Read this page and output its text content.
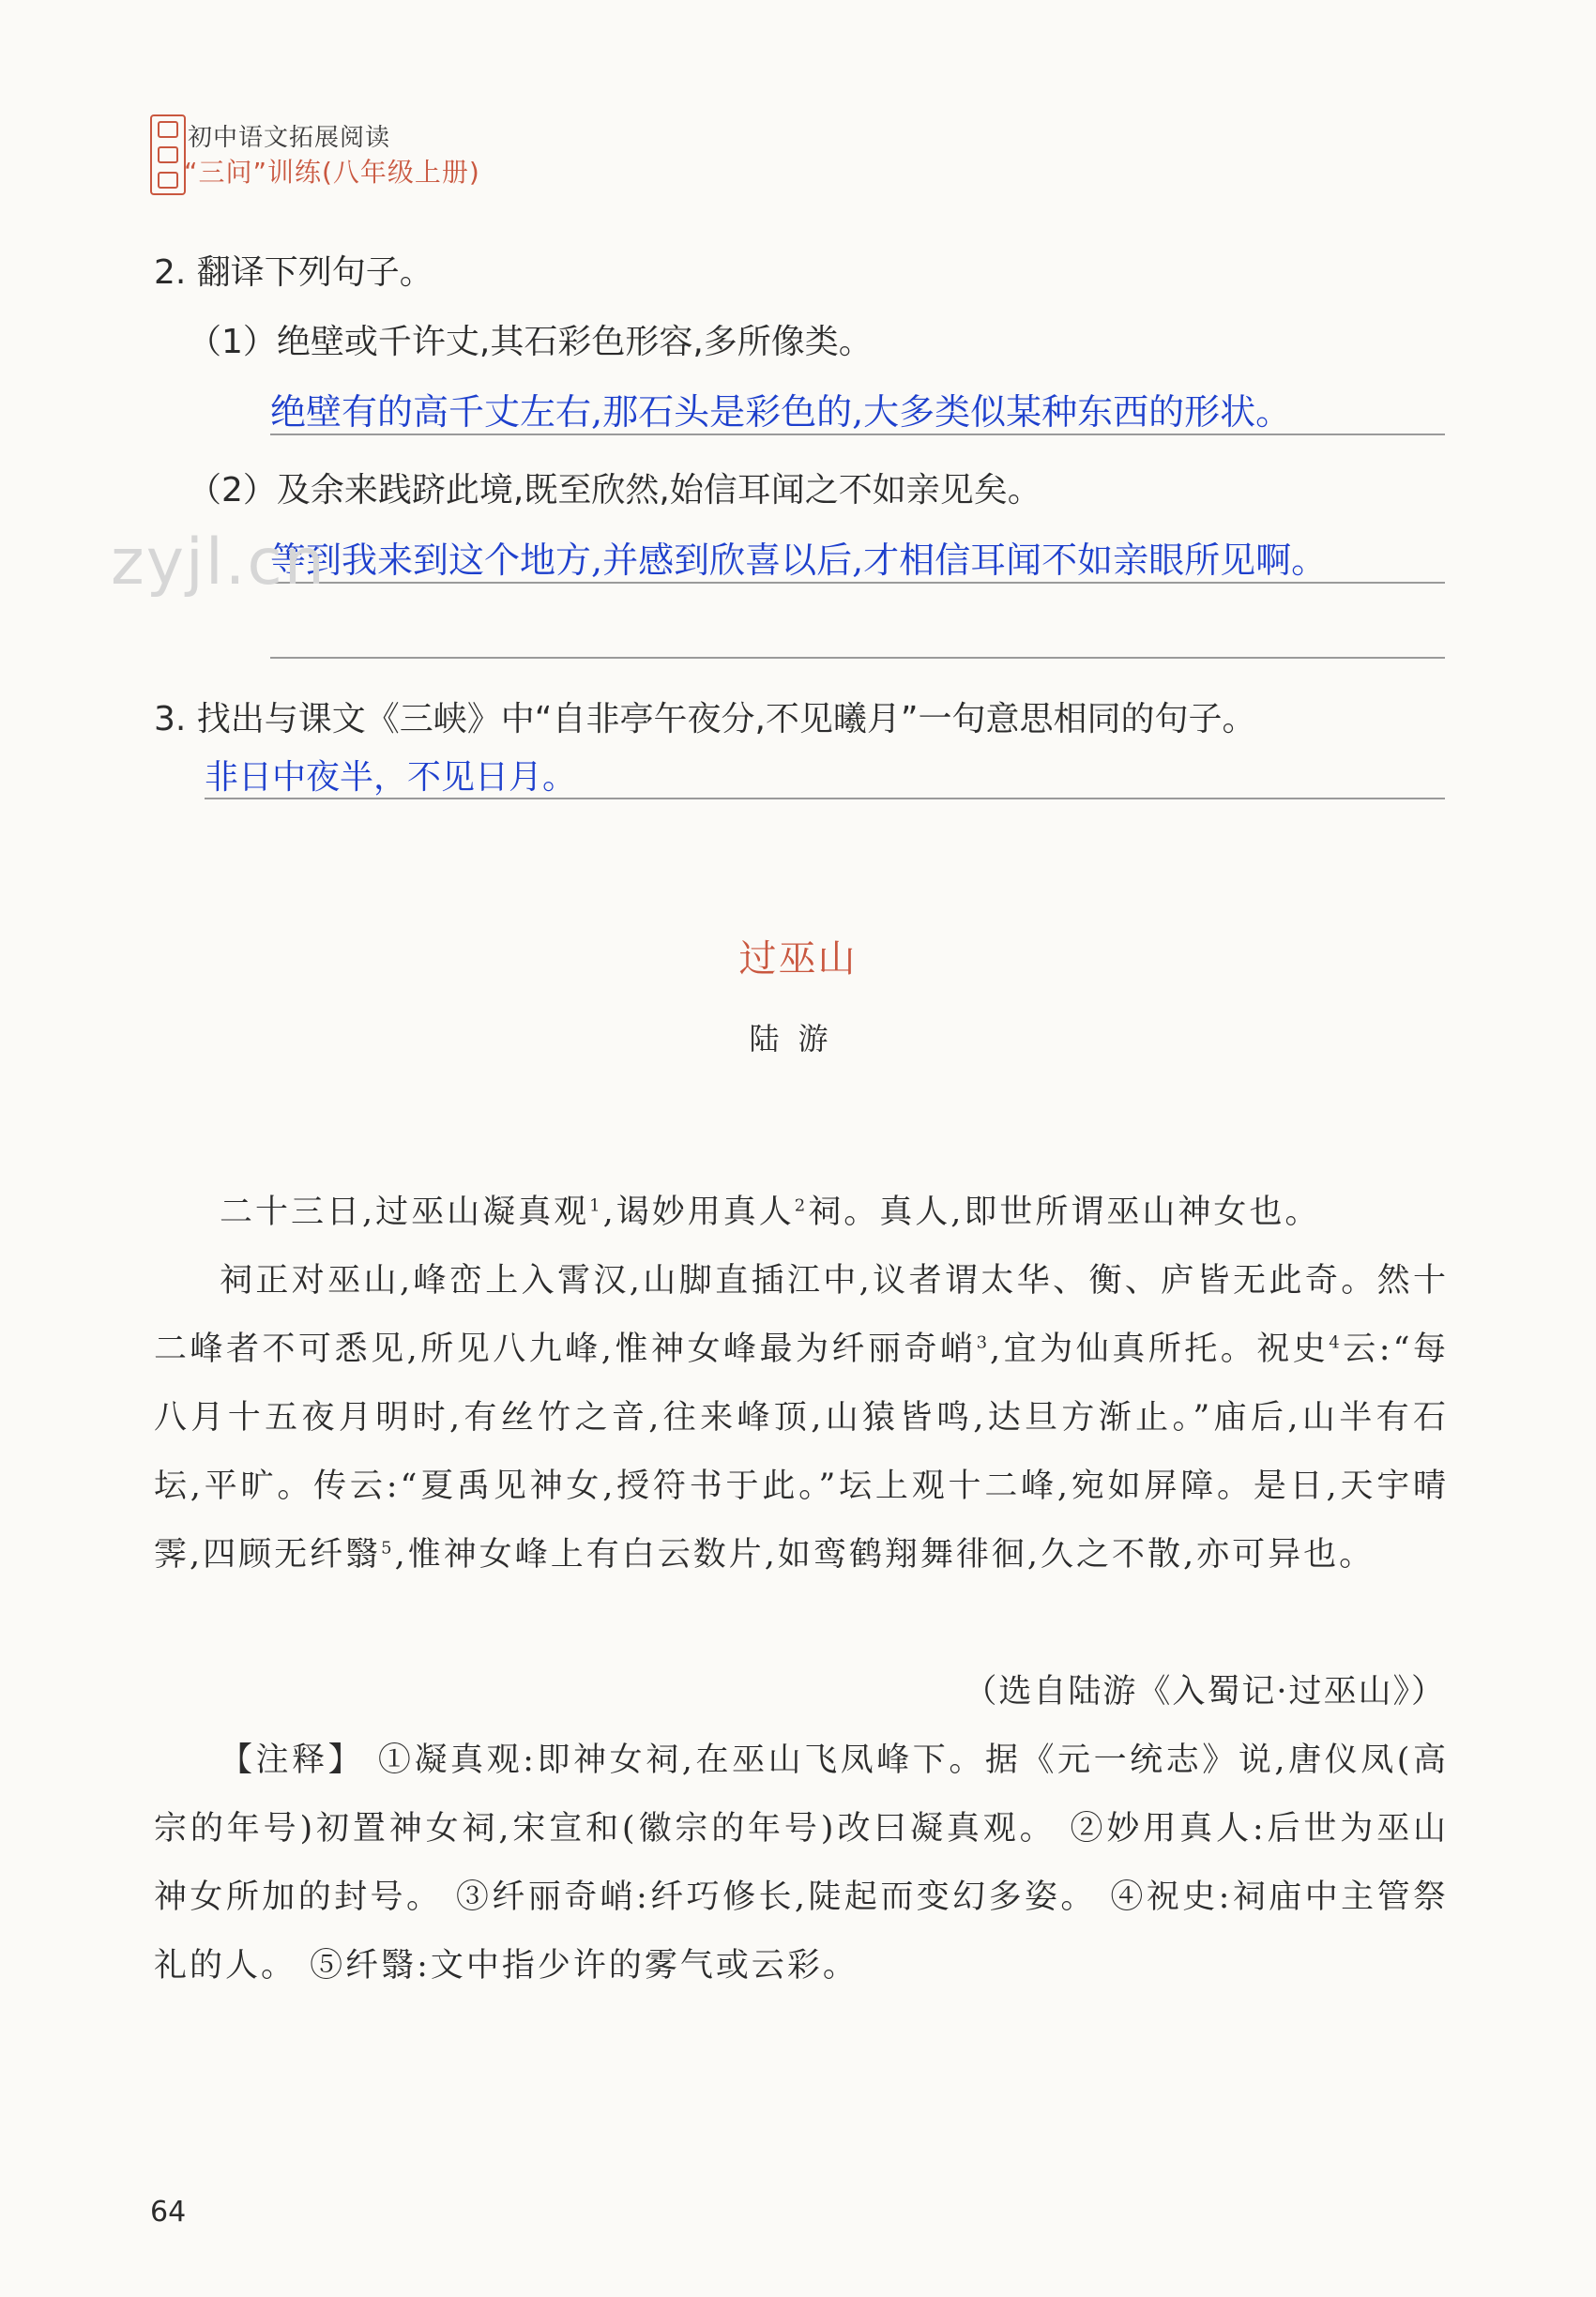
初中语文拓展阅读
“三问”训练(八年级上册)
2. 翻译下列句子。
（1）绝壁或千许丈,其石彩色形容,多所像类。
绝壁有的高千丈左右,那石头是彩色的,大多类似某种东西的形状。
（2）及余来践跻此境,既至欣然,始信耳闻之不如亲见矣。
等到我来到这个地方,并感到欣喜以后,才相信耳闻不如亲眼所见啊。
zyjl.cn
3. 找出与课文《三峡》中“自非亭午夜分,不见曦月”一句意思相同的句子。
非日中夜半，不见日月。
过巫山
陆游

二十三日,过巫山凝真观$^1$,谒妙用真人$^2$祠。真人,即世所谓巫山神女也。

祠正对巫山,峰峦上入霄汉,山脚直插江中,议者谓太华、衡、庐皆无此奇。然十二峰者不可悉见,所见八九峰,惟神女峰最为纤丽奇峭$^3$,宜为仙真所托。祝史$^4$云:“每八月十五夜月明时,有丝竹之音,往来峰顶,山猿皆鸣,达旦方渐止。”庙后,山半有石坛,平旷。传云:“夏禹见神女,授符书于此。”坛上观十二峰,宛如屏障。是日,天宇晴霁,四顾无纤翳$^5$,惟神女峰上有白云数片,如鸾鹤翔舞徘徊,久之不散,亦可异也。

（选自陆游《入蜀记·过巫山》）

【注释】 ①凝真观:即神女祠,在巫山飞凤峰下。据《元一统志》说,唐仪凤(高宗的年号)初置神女祠,宋宣和(徽宗的年号)改曰凝真观。 ②妙用真人:后世为巫山神女所加的封号。 ③纤丽奇峭:纤巧修长,陡起而变幻多姿。 ④祝史:祠庙中主管祭礼的人。 ⑤纤翳:文中指少许的雾气或云彩。

64
